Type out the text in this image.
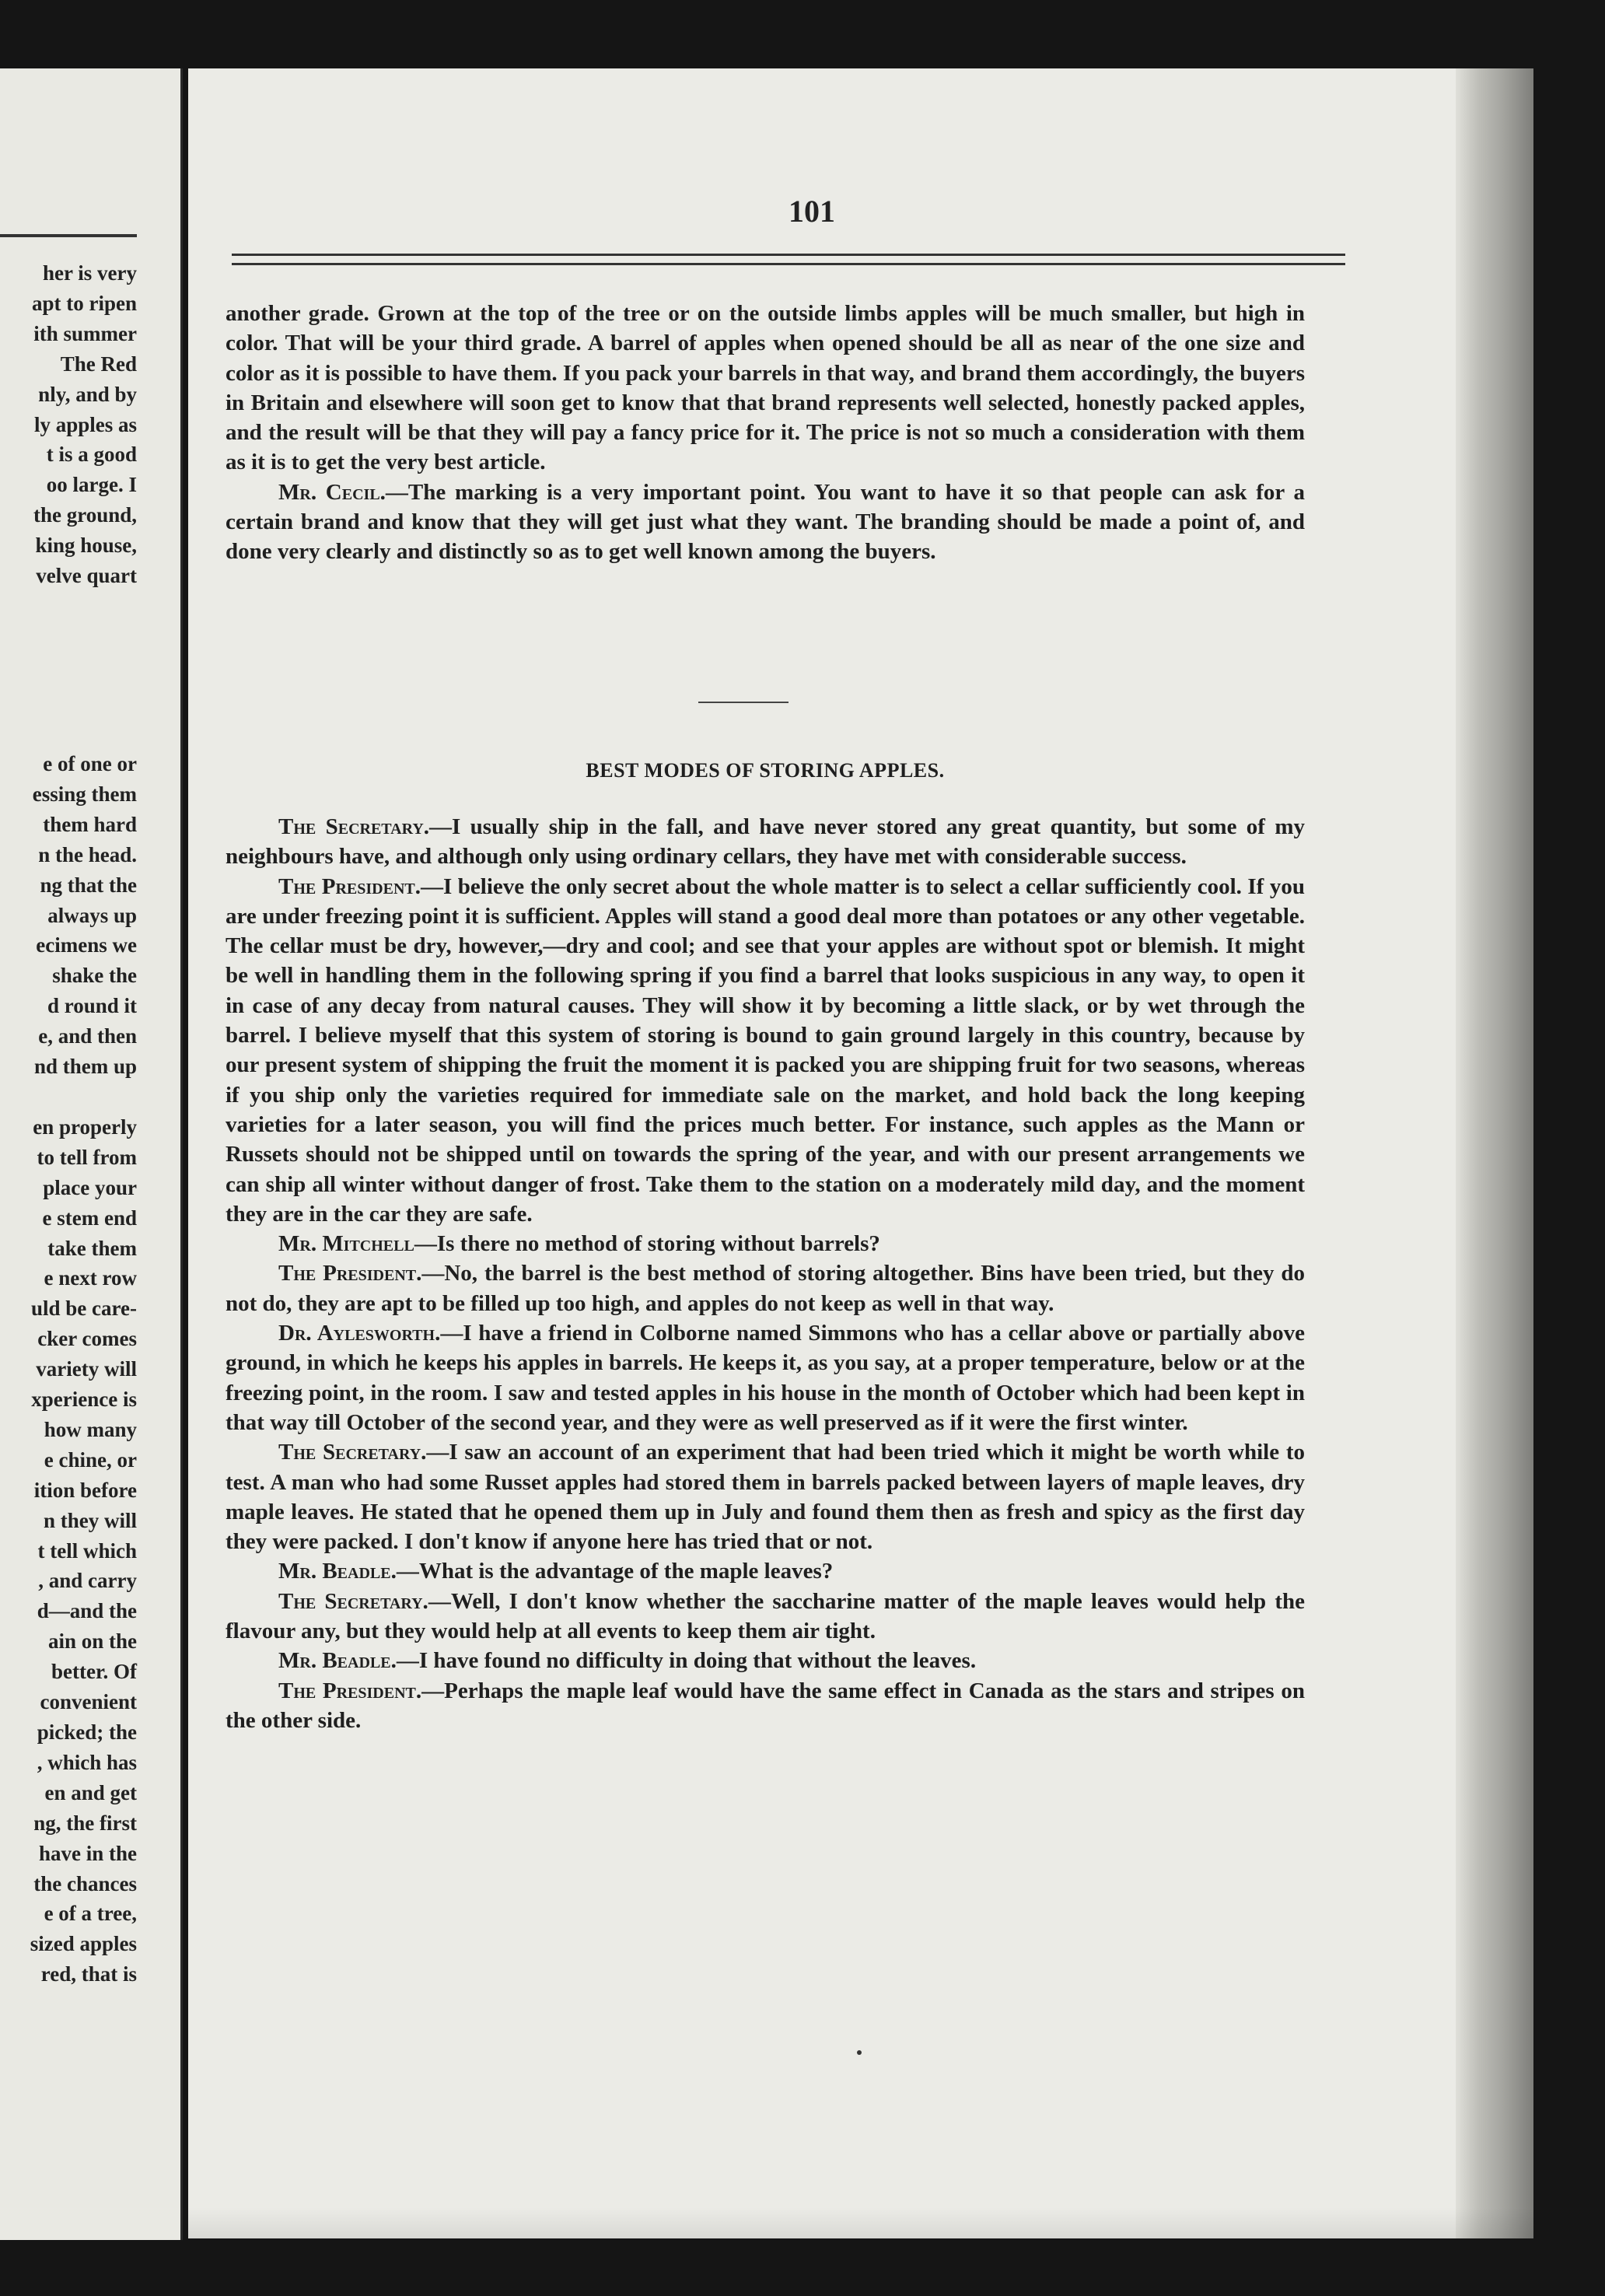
her is very
apt to ripen
ith summer
The Red
nly, and by
ly apples as
t is a good
oo large. I
the ground,
king house,
velve quart
e of one or
essing them
them hard
n the head.
ng that the
always up
ecimens we
shake the
d round it
e, and then
nd them up

en properly
to tell from
place your
e stem end
take them
e next row
uld be care-
cker comes
variety will
xperience is
how many
e chine, or
ition before
n they will
t tell which
, and carry
d—and the
ain on the
better. Of
convenient
picked; the
, which has
en and get
ng, the first
have in the
the chances
e of a tree,
sized apples
red, that is
101

another grade. Grown at the top of the tree or on the outside limbs apples will be much smaller, but high in color. That will be your third grade. A barrel of apples when opened should be all as near of the one size and color as it is possible to have them. If you pack your barrels in that way, and brand them accordingly, the buyers in Britain and elsewhere will soon get to know that that brand represents well selected, honestly packed apples, and the result will be that they will pay a fancy price for it. The price is not so much a consideration with them as it is to get the very best article.

Mr. Cecil.—The marking is a very important point. You want to have it so that people can ask for a certain brand and know that they will get just what they want. The branding should be made a point of, and done very clearly and distinctly so as to get well known among the buyers.

BEST MODES OF STORING APPLES.

The Secretary.—I usually ship in the fall, and have never stored any great quantity, but some of my neighbours have, and although only using ordinary cellars, they have met with considerable success.

The President.—I believe the only secret about the whole matter is to select a cellar sufficiently cool. If you are under freezing point it is sufficient. Apples will stand a good deal more than potatoes or any other vegetable. The cellar must be dry, however,—dry and cool; and see that your apples are without spot or blemish. It might be well in handling them in the following spring if you find a barrel that looks suspicious in any way, to open it in case of any decay from natural causes. They will show it by becoming a little slack, or by wet through the barrel. I believe myself that this system of storing is bound to gain ground largely in this country, because by our present system of shipping the fruit the moment it is packed you are shipping fruit for two seasons, whereas if you ship only the varieties required for immediate sale on the market, and hold back the long keeping varieties for a later season, you will find the prices much better. For instance, such apples as the Mann or Russets should not be shipped until on towards the spring of the year, and with our present arrangements we can ship all winter without danger of frost. Take them to the station on a moderately mild day, and the moment they are in the car they are safe.

Mr. Mitchell—Is there no method of storing without barrels?

The President.—No, the barrel is the best method of storing altogether. Bins have been tried, but they do not do, they are apt to be filled up too high, and apples do not keep as well in that way.

Dr. Aylesworth.—I have a friend in Colborne named Simmons who has a cellar above or partially above ground, in which he keeps his apples in barrels. He keeps it, as you say, at a proper temperature, below or at the freezing point, in the room. I saw and tested apples in his house in the month of October which had been kept in that way till October of the second year, and they were as well preserved as if it were the first winter.

The Secretary.—I saw an account of an experiment that had been tried which it might be worth while to test. A man who had some Russet apples had stored them in barrels packed between layers of maple leaves, dry maple leaves. He stated that he opened them up in July and found them then as fresh and spicy as the first day they were packed. I don't know if anyone here has tried that or not.

Mr. Beadle.—What is the advantage of the maple leaves?

The Secretary.—Well, I don't know whether the saccharine matter of the maple leaves would help the flavour any, but they would help at all events to keep them air tight.

Mr. Beadle.—I have found no difficulty in doing that without the leaves.

The President.—Perhaps the maple leaf would have the same effect in Canada as the stars and stripes on the other side.
